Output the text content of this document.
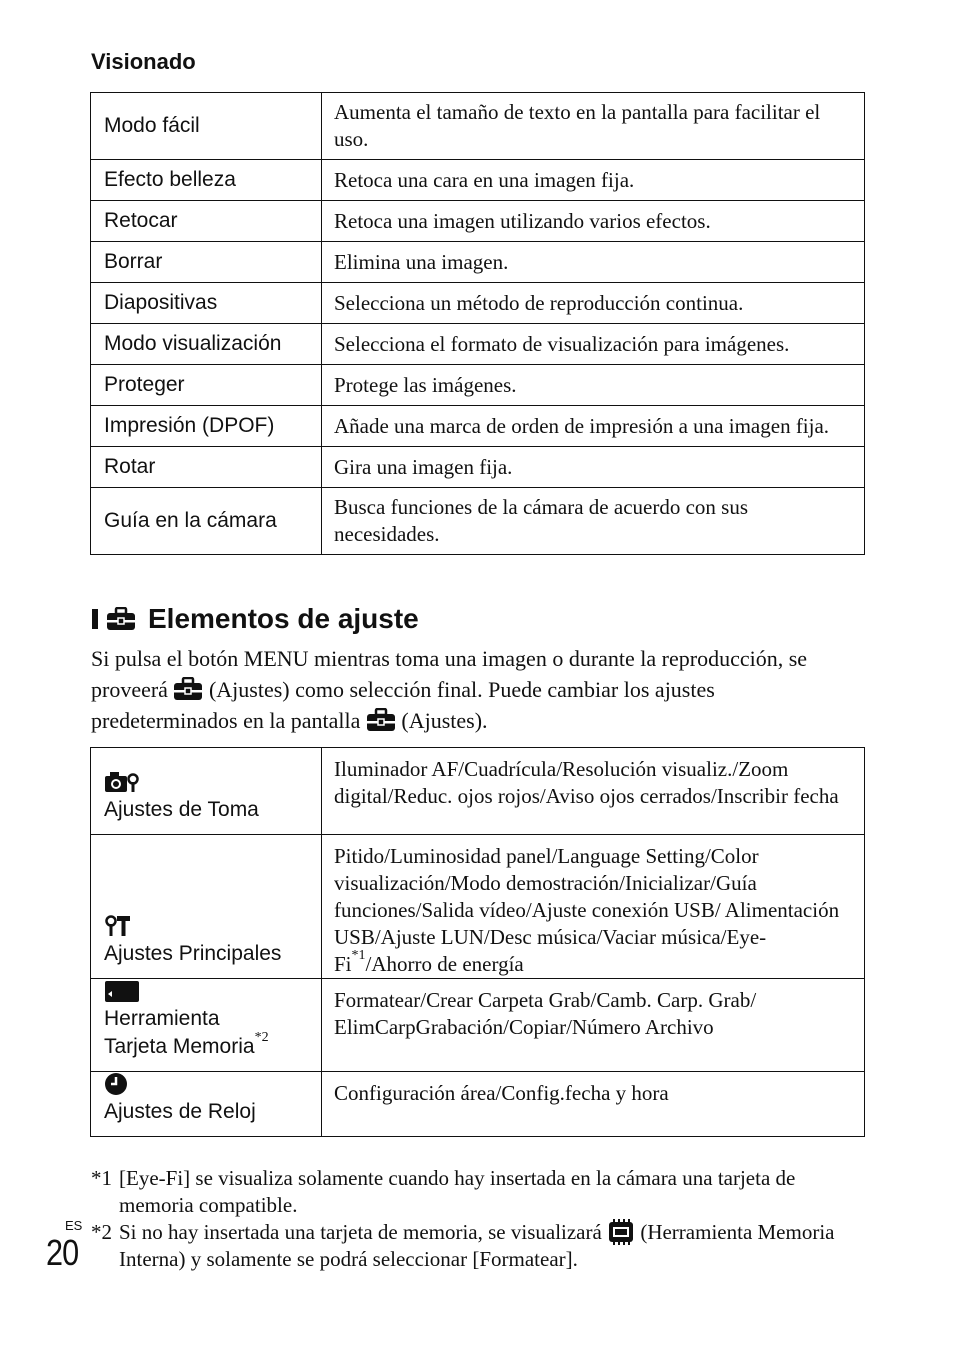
Visionado
Modo fácil	Aumenta el tamaño de texto en la pantalla para facilitar el uso.
Efecto belleza	Retoca una cara en una imagen fija.
Retocar	Retoca una imagen utilizando varios efectos.
Borrar	Elimina una imagen.
Diapositivas	Selecciona un método de reproducción continua.
Modo visualización	Selecciona el formato de visualización para imágenes.
Proteger	Protege las imágenes.
Impresión (DPOF)	Añade una marca de orden de impresión a una imagen fija.
Rotar	Gira una imagen fija.
Guía en la cámara	Busca funciones de la cámara de acuerdo con sus necesidades.
Elementos de ajuste
Si pulsa el botón MENU mientras toma una imagen o durante la reproducción, se proveerá (Ajustes) como selección final. Puede cambiar los ajustes predeterminados en la pantalla (Ajustes).
Ajustes de Toma	Iluminador AF/Cuadrícula/Resolución visualiz./Zoom digital/Reduc. ojos rojos/Aviso ojos cerrados/Inscribir fecha

Ajustes Principales	Pitido/Luminosidad panel/Language Setting/Color visualización/Modo demostración/Inicializar/Guía funciones/Salida vídeo/Ajuste conexión USB/ Alimentación USB/Ajuste LUN/Desc música/Vaciar música/Eye-Fi$^{*1}$/Ahorro de energía

Herramienta
Tarjeta Memoria$^{*2}$	Formatear/Crear Carpeta Grab/Camb. Carp. Grab/ ElimCarpGrabación/Copiar/Número Archivo

Ajustes de Reloj	Configuración área/Config.fecha y hora
*1 [Eye-Fi] se visualiza solamente cuando hay insertada en la cámara una tarjeta de memoria compatible.
*2 Si no hay insertada una tarjeta de memoria, se visualizará (Herramienta Memoria Interna) y solamente se podrá seleccionar [Formatear].
ES
20
